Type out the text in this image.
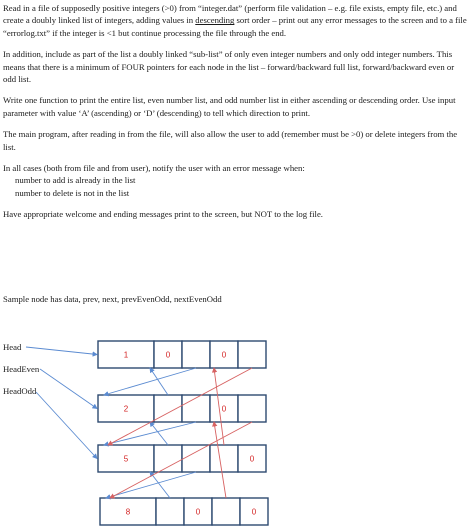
Read in a file of supposedly positive integers (>0) from “integer.dat” (perform file validation – e.g. file exists, empty file, etc.) and create a doubly linked list of integers, adding values in descending sort order – print out any error messages to the screen and to a file “errorlog.txt” if the integer is <1 but continue processing the file through the end.

In addition, include as part of the list a doubly linked “sub-list” of only even integer numbers and only odd integer numbers. This means that there is a minimum of FOUR pointers for each node in the list – forward/backward full list, forward/backward even or odd list.

Write one function to print the entire list, even number list, and odd number list in either ascending or descending order. Use input parameter with value ‘A’ (ascending) or ‘D’ (descending) to tell which direction to print.

The main program, after reading in from the file, will also allow the user to add (remember must be >0) or delete integers from the list.

In all cases (both from file and from user), notify the user with an error message when:

number to add is already in the list
number to delete is not in the list

Have appropriate welcome and ending messages print to the screen, but NOT to the log file.

Sample node has data, prev, next, prevEvenOdd, nextEvenOdd
Head
HeadEven
HeadOdd
1	0	0
2	0
5	0
8	0	0
